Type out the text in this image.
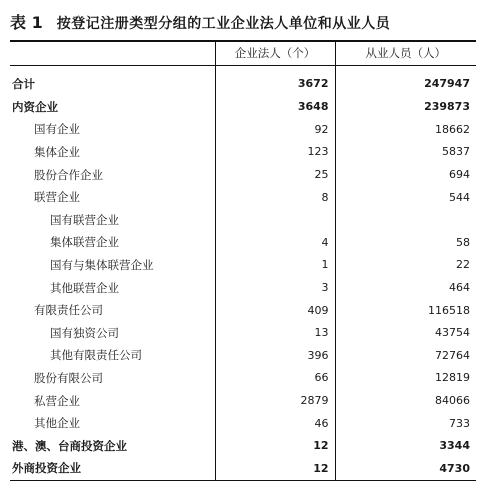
表 1 按登记注册类型分组的工业企业法人单位和从业人员
	企业法人（个）	从业人员（人）
合计	3672	247947
内资企业	3648	239873
国有企业	92	18662
集体企业	123	5837
股份合作企业	25	694
联营企业	8	544
国有联营企业		
集体联营企业	4	58
国有与集体联营企业	1	22
其他联营企业	3	464
有限责任公司	409	116518
国有独资公司	13	43754
其他有限责任公司	396	72764
股份有限公司	66	12819
私营企业	2879	84066
其他企业	46	733
港、澳、台商投资企业	12	3344
外商投资企业	12	4730
